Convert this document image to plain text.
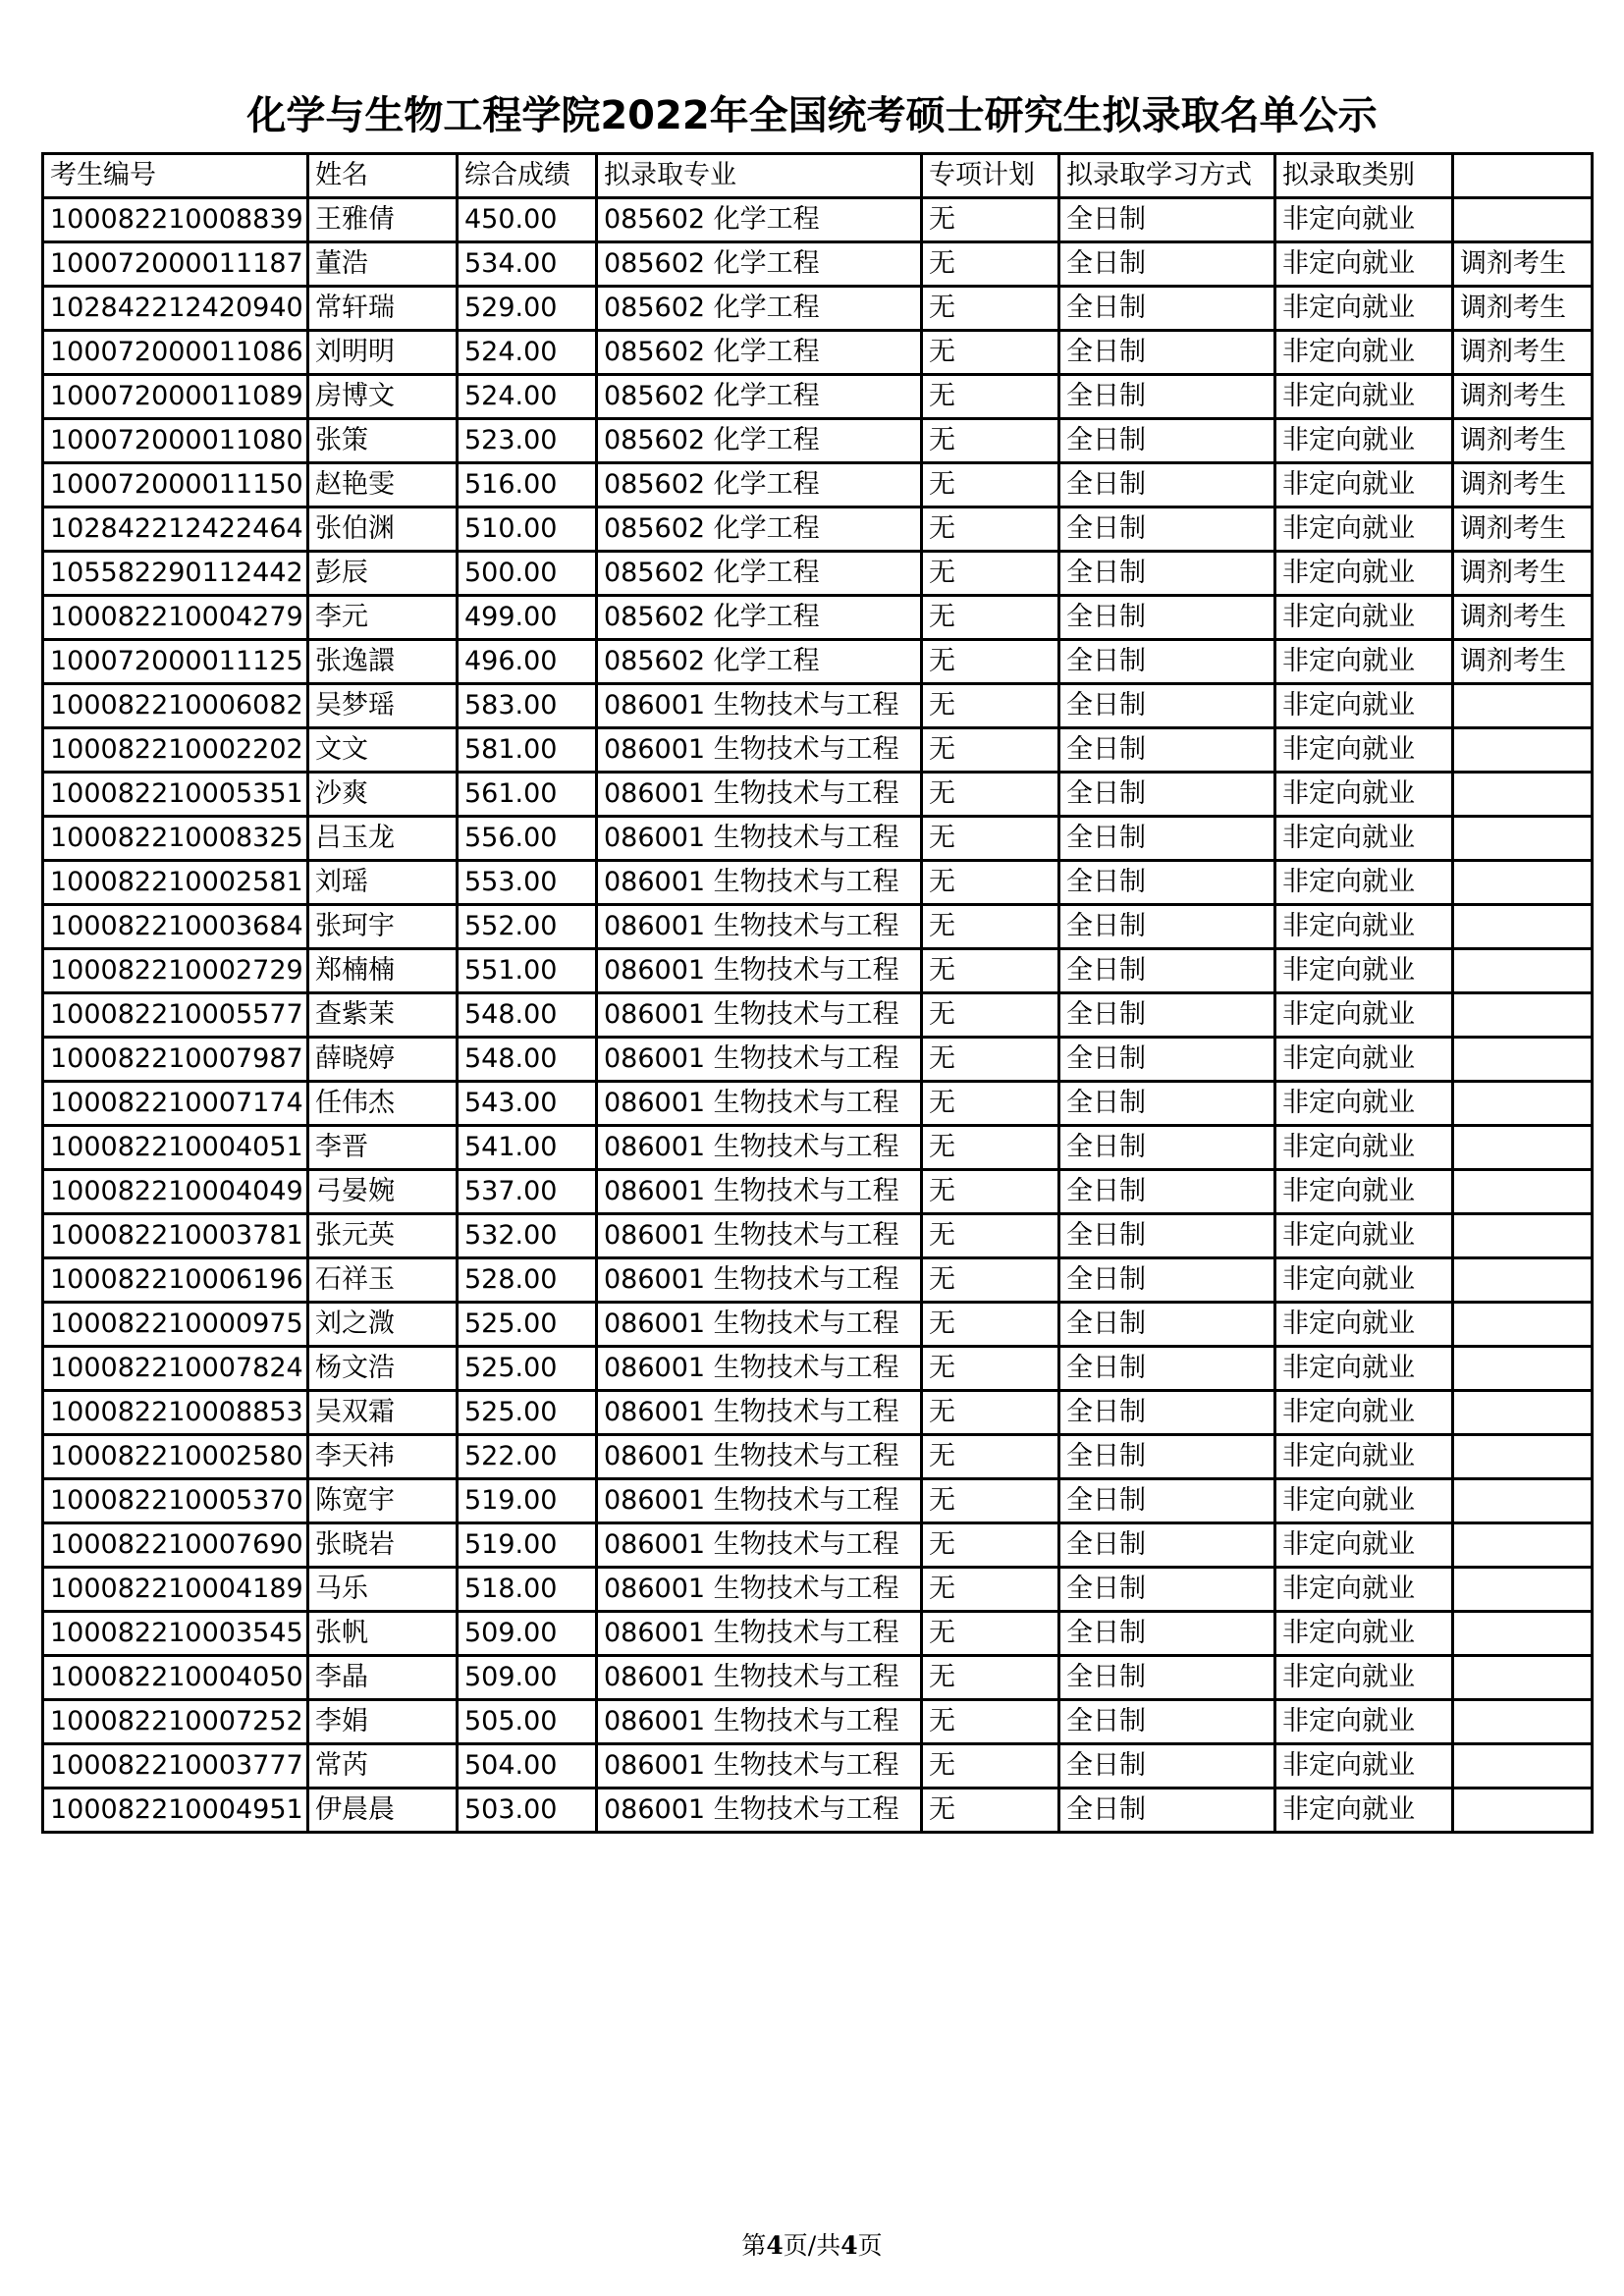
化学与生物工程学院2022年全国统考硕士研究生拟录取名单公示
考生编号	姓名	综合成绩	拟录取专业	专项计划	拟录取学习方式	拟录取类别	
100082210008839	王雅倩	450.00	085602 化学工程	无	全日制	非定向就业	
100072000011187	董浩	534.00	085602 化学工程	无	全日制	非定向就业	调剂考生
102842212420940	常轩瑞	529.00	085602 化学工程	无	全日制	非定向就业	调剂考生
100072000011086	刘明明	524.00	085602 化学工程	无	全日制	非定向就业	调剂考生
100072000011089	房博文	524.00	085602 化学工程	无	全日制	非定向就业	调剂考生
100072000011080	张策	523.00	085602 化学工程	无	全日制	非定向就业	调剂考生
100072000011150	赵艳雯	516.00	085602 化学工程	无	全日制	非定向就业	调剂考生
102842212422464	张伯渊	510.00	085602 化学工程	无	全日制	非定向就业	调剂考生
105582290112442	彭辰	500.00	085602 化学工程	无	全日制	非定向就业	调剂考生
100082210004279	李元	499.00	085602 化学工程	无	全日制	非定向就业	调剂考生
100072000011125	张逸譞	496.00	085602 化学工程	无	全日制	非定向就业	调剂考生
100082210006082	吴梦瑶	583.00	086001 生物技术与工程	无	全日制	非定向就业	
100082210002202	文文	581.00	086001 生物技术与工程	无	全日制	非定向就业	
100082210005351	沙爽	561.00	086001 生物技术与工程	无	全日制	非定向就业	
100082210008325	吕玉龙	556.00	086001 生物技术与工程	无	全日制	非定向就业	
100082210002581	刘瑶	553.00	086001 生物技术与工程	无	全日制	非定向就业	
100082210003684	张珂宇	552.00	086001 生物技术与工程	无	全日制	非定向就业	
100082210002729	郑楠楠	551.00	086001 生物技术与工程	无	全日制	非定向就业	
100082210005577	查紫茉	548.00	086001 生物技术与工程	无	全日制	非定向就业	
100082210007987	薛晓婷	548.00	086001 生物技术与工程	无	全日制	非定向就业	
100082210007174	任伟杰	543.00	086001 生物技术与工程	无	全日制	非定向就业	
100082210004051	李晋	541.00	086001 生物技术与工程	无	全日制	非定向就业	
100082210004049	弓晏婉	537.00	086001 生物技术与工程	无	全日制	非定向就业	
100082210003781	张元英	532.00	086001 生物技术与工程	无	全日制	非定向就业	
100082210006196	石祥玉	528.00	086001 生物技术与工程	无	全日制	非定向就业	
100082210000975	刘之溦	525.00	086001 生物技术与工程	无	全日制	非定向就业	
100082210007824	杨文浩	525.00	086001 生物技术与工程	无	全日制	非定向就业	
100082210008853	吴双霜	525.00	086001 生物技术与工程	无	全日制	非定向就业	
100082210002580	李天祎	522.00	086001 生物技术与工程	无	全日制	非定向就业	
100082210005370	陈宽宇	519.00	086001 生物技术与工程	无	全日制	非定向就业	
100082210007690	张晓岩	519.00	086001 生物技术与工程	无	全日制	非定向就业	
100082210004189	马乐	518.00	086001 生物技术与工程	无	全日制	非定向就业	
100082210003545	张帆	509.00	086001 生物技术与工程	无	全日制	非定向就业	
100082210004050	李晶	509.00	086001 生物技术与工程	无	全日制	非定向就业	
100082210007252	李娟	505.00	086001 生物技术与工程	无	全日制	非定向就业	
100082210003777	常芮	504.00	086001 生物技术与工程	无	全日制	非定向就业	
100082210004951	伊晨晨	503.00	086001 生物技术与工程	无	全日制	非定向就业	
第4页/共4页
